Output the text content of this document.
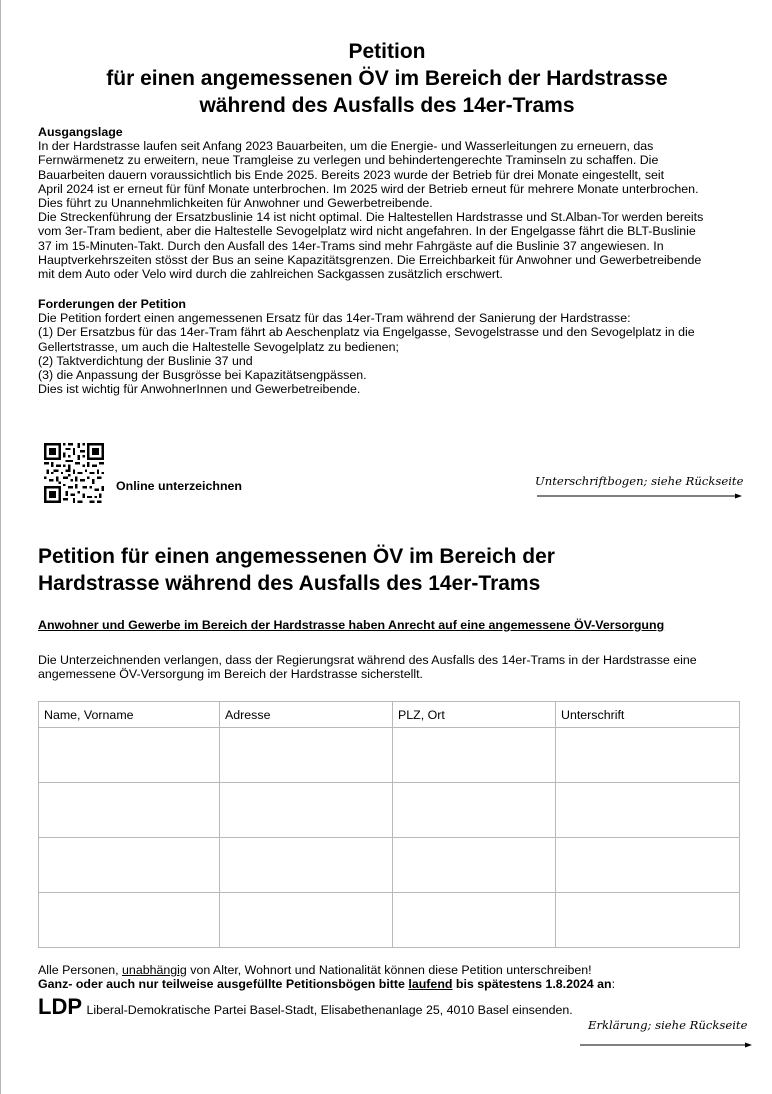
Petition
für einen angemessenen ÖV im Bereich der Hardstrasse
während des Ausfalls des 14er-Trams
Ausgangslage
In der Hardstrasse laufen seit Anfang 2023 Bauarbeiten, um die Energie- und Wasserleitungen zu erneuern, das
Fernwärmenetz zu erweitern, neue Tramgleise zu verlegen und behindertengerechte Traminseln zu schaffen. Die
Bauarbeiten dauern voraussichtlich bis Ende 2025. Bereits 2023 wurde der Betrieb für drei Monate eingestellt, seit
April 2024 ist er erneut für fünf Monate unterbrochen. Im 2025 wird der Betrieb erneut für mehrere Monate unterbrochen.
Dies führt zu Unannehmlichkeiten für Anwohner und Gewerbetreibende.
Die Streckenführung der Ersatzbuslinie 14 ist nicht optimal. Die Haltestellen Hardstrasse und St.Alban-Tor werden bereits
vom 3er-Tram bedient, aber die Haltestelle Sevogelplatz wird nicht angefahren. In der Engelgasse fährt die BLT-Buslinie
37 im 15-Minuten-Takt. Durch den Ausfall des 14er-Trams sind mehr Fahrgäste auf die Buslinie 37 angewiesen. In
Hauptverkehrszeiten stösst der Bus an seine Kapazitätsgrenzen. Die Erreichbarkeit für Anwohner und Gewerbetreibende
mit dem Auto oder Velo wird durch die zahlreichen Sackgassen zusätzlich erschwert.
Forderungen der Petition
Die Petition fordert einen angemessenen Ersatz für das 14er-Tram während der Sanierung der Hardstrasse:
(1) Der Ersatzbus für das 14er-Tram fährt ab Aeschenplatz via Engelgasse, Sevogelstrasse und den Sevogelplatz in die
Gellertstrasse, um auch die Haltestelle Sevogelplatz zu bedienen;
(2) Taktverdichtung der Buslinie 37 und
(3) die Anpassung der Busgrösse bei Kapazitätsengpässen.
Dies ist wichtig für AnwohnerInnen und Gewerbetreibende.
Online unterzeichnen	Unterschriftbogen; siehe Rückseite
Petition für einen angemessenen ÖV im Bereich der
Hardstrasse während des Ausfalls des 14er-Trams
Anwohner und Gewerbe im Bereich der Hardstrasse haben Anrecht auf eine angemessene ÖV-Versorgung
Die Unterzeichnenden verlangen, dass der Regierungsrat während des Ausfalls des 14er-Trams in der Hardstrasse eine
angemessene ÖV-Versorgung im Bereich der Hardstrasse sicherstellt.
Name, Vorname	Adresse	PLZ, Ort	Unterschrift

Alle Personen, unabhängig von Alter, Wohnort und Nationalität können diese Petition unterschreiben!
Ganz- oder auch nur teilweise ausgefüllte Petitionsbögen bitte laufend bis spätestens 1.8.2024 an:
LDP Liberal-Demokratische Partei Basel-Stadt, Elisabethenanlage 25, 4010 Basel einsenden.
Erklärung; siehe Rückseite
